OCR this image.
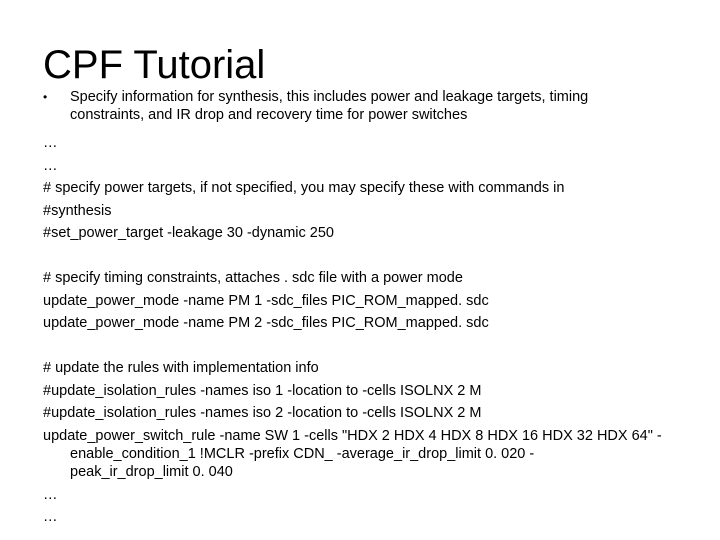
CPF Tutorial
• Specify information for synthesis, this includes power and leakage targets, timing constraints, and IR drop and recovery time for power switches
…
…
# specify power targets, if not specified, you may specify these with commands in
#synthesis
#set_power_target -leakage 30 -dynamic 250
# specify timing constraints, attaches . sdc file with a power mode
update_power_mode -name PM 1 -sdc_files PIC_ROM_mapped. sdc
update_power_mode -name PM 2 -sdc_files PIC_ROM_mapped. sdc
# update the rules with implementation info
#update_isolation_rules -names iso 1 -location to -cells ISOLNX 2 M
#update_isolation_rules -names iso 2 -location to -cells ISOLNX 2 M
update_power_switch_rule -name SW 1 -cells "HDX 2 HDX 4 HDX 8 HDX 16 HDX 32 HDX 64" -
enable_condition_1 !MCLR -prefix CDN_ -average_ir_drop_limit 0. 020 -
peak_ir_drop_limit 0. 040
…
…
